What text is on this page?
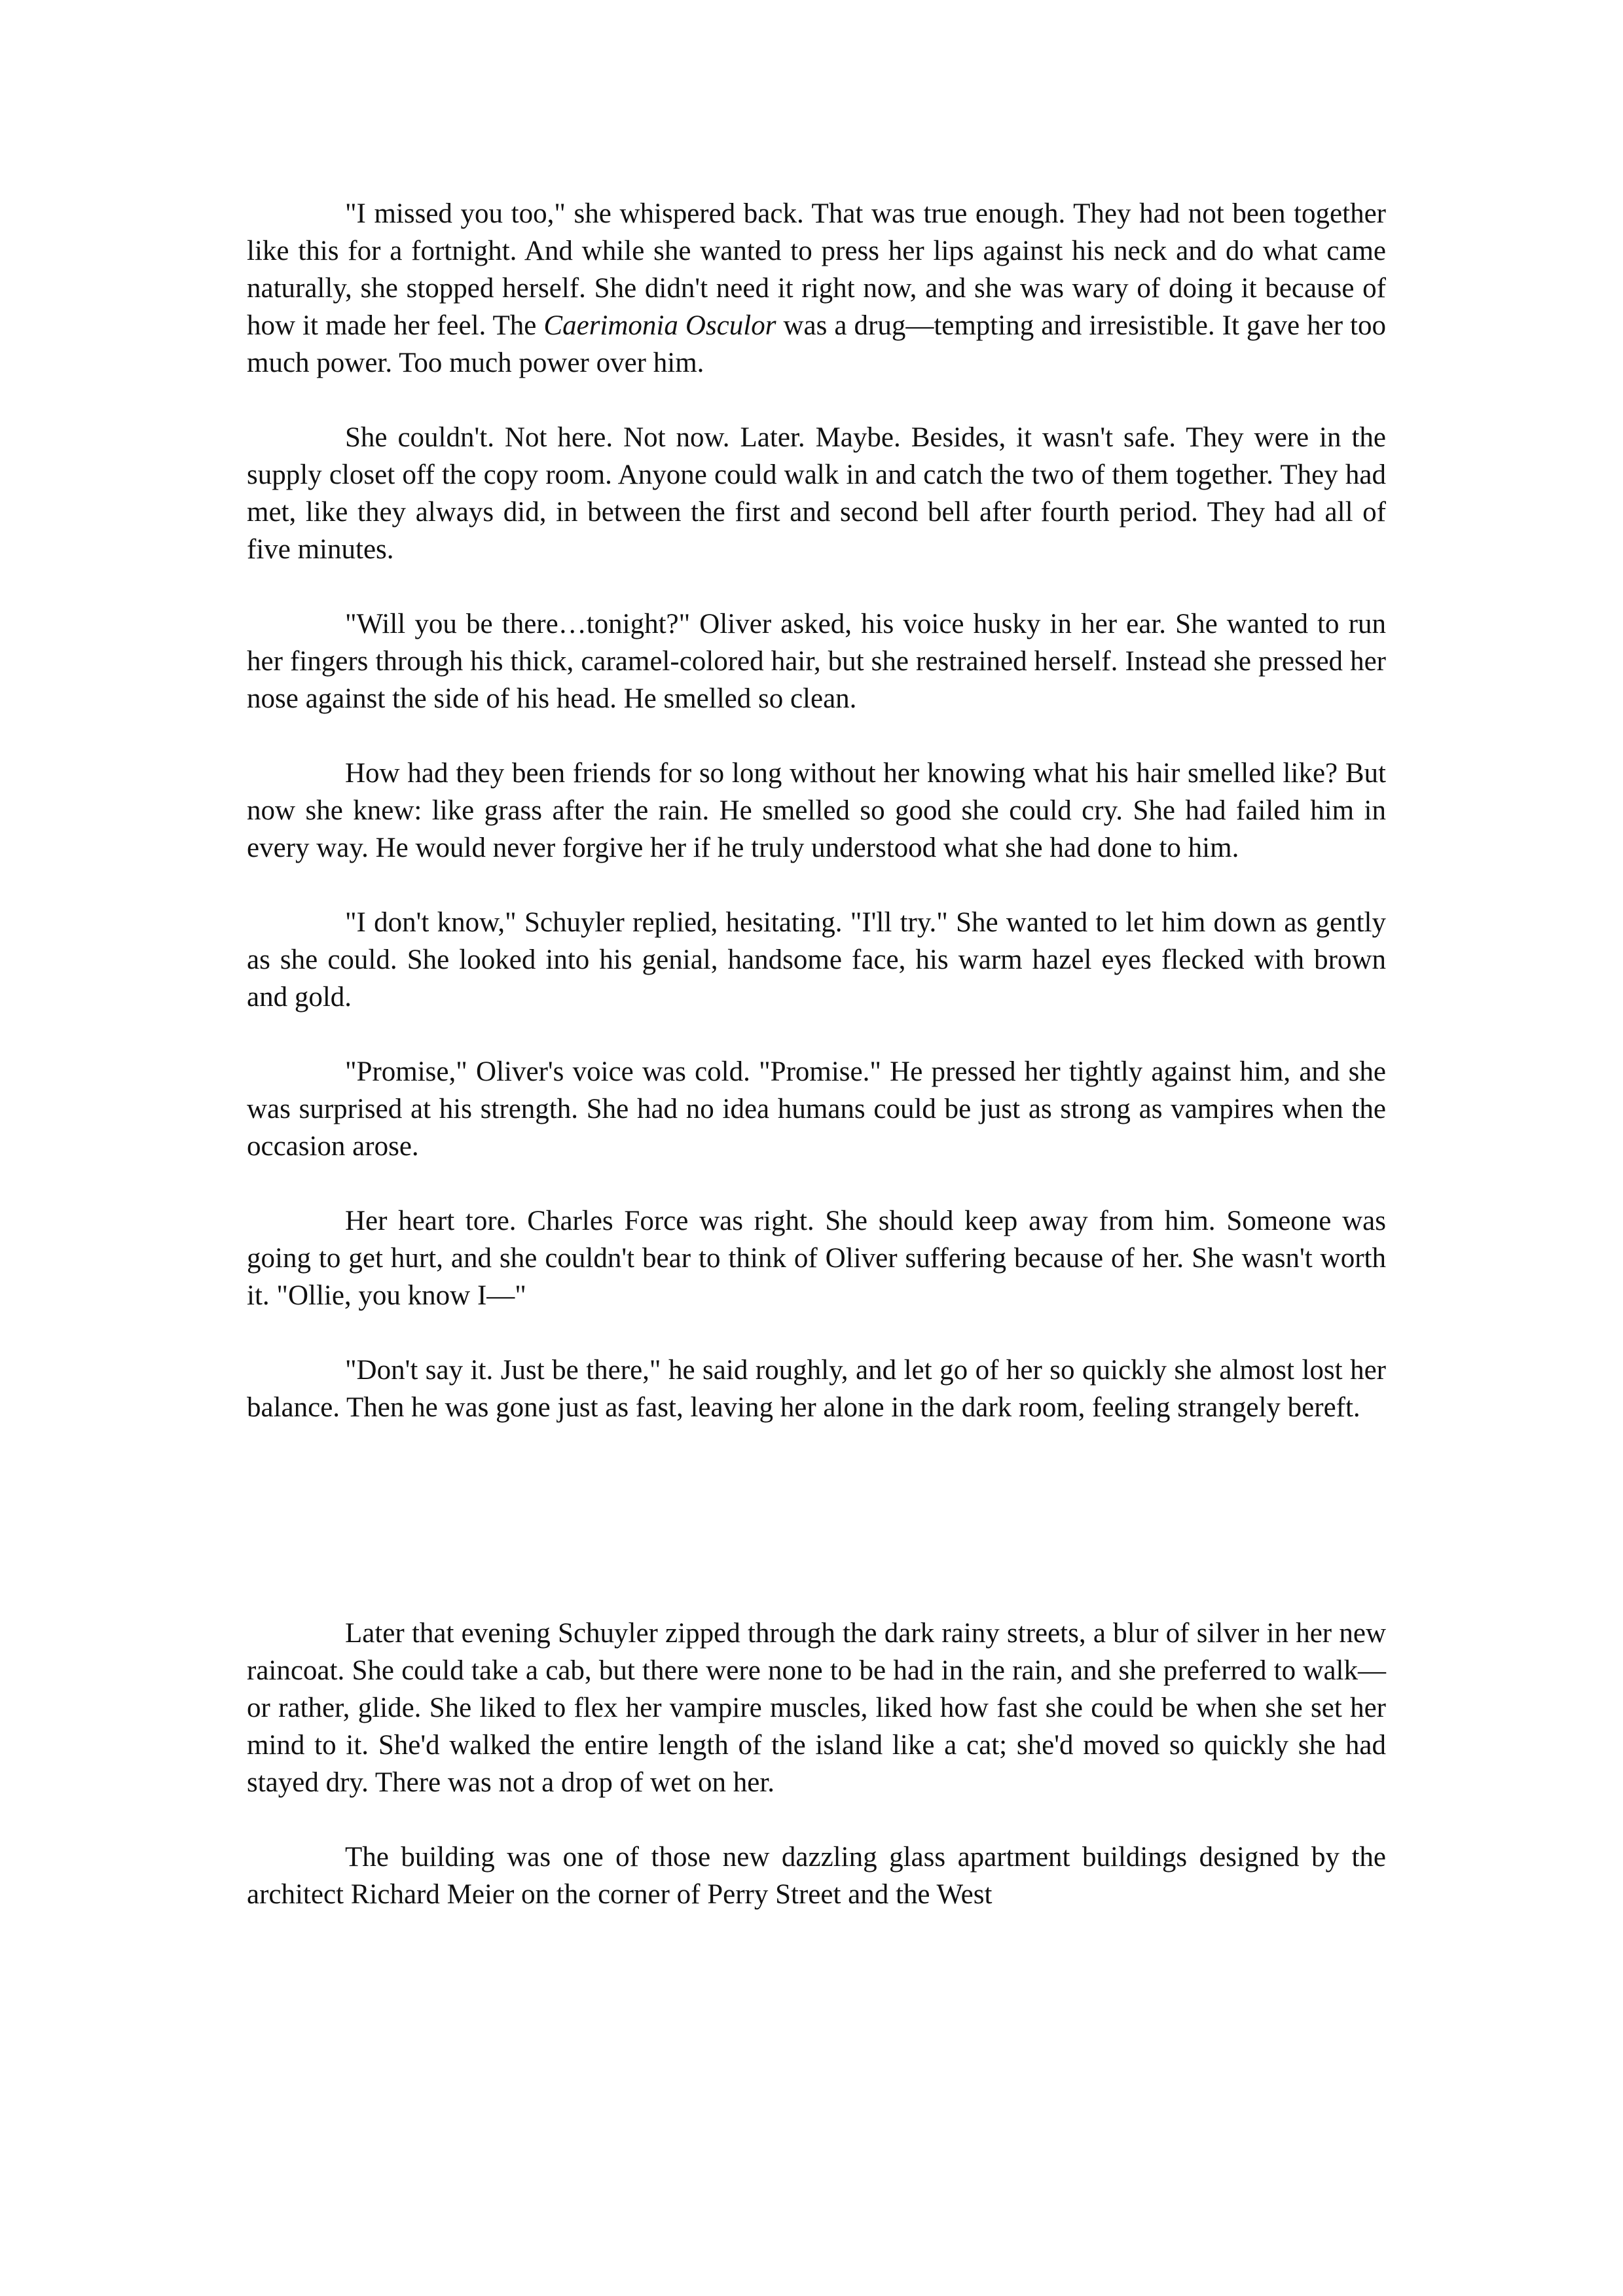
"I missed you too," she whispered back. That was true enough. They had not been together like this for a fortnight. And while she wanted to press her lips against his neck and do what came naturally, she stopped herself. She didn't need it right now, and she was wary of doing it because of how it made her feel. The Caerimonia Osculor was a drug—tempting and irresistible. It gave her too much power. Too much power over him.

She couldn't. Not here. Not now. Later. Maybe. Besides, it wasn't safe. They were in the supply closet off the copy room. Anyone could walk in and catch the two of them together. They had met, like they always did, in between the first and second bell after fourth period. They had all of five minutes.

"Will you be there…tonight?" Oliver asked, his voice husky in her ear. She wanted to run her fingers through his thick, caramel-colored hair, but she restrained herself. Instead she pressed her nose against the side of his head. He smelled so clean.

How had they been friends for so long without her knowing what his hair smelled like? But now she knew: like grass after the rain. He smelled so good she could cry. She had failed him in every way. He would never forgive her if he truly understood what she had done to him.

"I don't know," Schuyler replied, hesitating. "I'll try." She wanted to let him down as gently as she could. She looked into his genial, handsome face, his warm hazel eyes flecked with brown and gold.

"Promise," Oliver's voice was cold. "Promise." He pressed her tightly against him, and she was surprised at his strength. She had no idea humans could be just as strong as vampires when the occasion arose.

Her heart tore. Charles Force was right. She should keep away from him. Someone was going to get hurt, and she couldn't bear to think of Oliver suffering because of her. She wasn't worth it. "Ollie, you know I—"

"Don't say it. Just be there," he said roughly, and let go of her so quickly she almost lost her balance. Then he was gone just as fast, leaving her alone in the dark room, feeling strangely bereft.

Later that evening Schuyler zipped through the dark rainy streets, a blur of silver in her new raincoat. She could take a cab, but there were none to be had in the rain, and she preferred to walk—or rather, glide. She liked to flex her vampire muscles, liked how fast she could be when she set her mind to it. She'd walked the entire length of the island like a cat; she'd moved so quickly she had stayed dry. There was not a drop of wet on her.

The building was one of those new dazzling glass apartment buildings designed by the architect Richard Meier on the corner of Perry Street and the West
